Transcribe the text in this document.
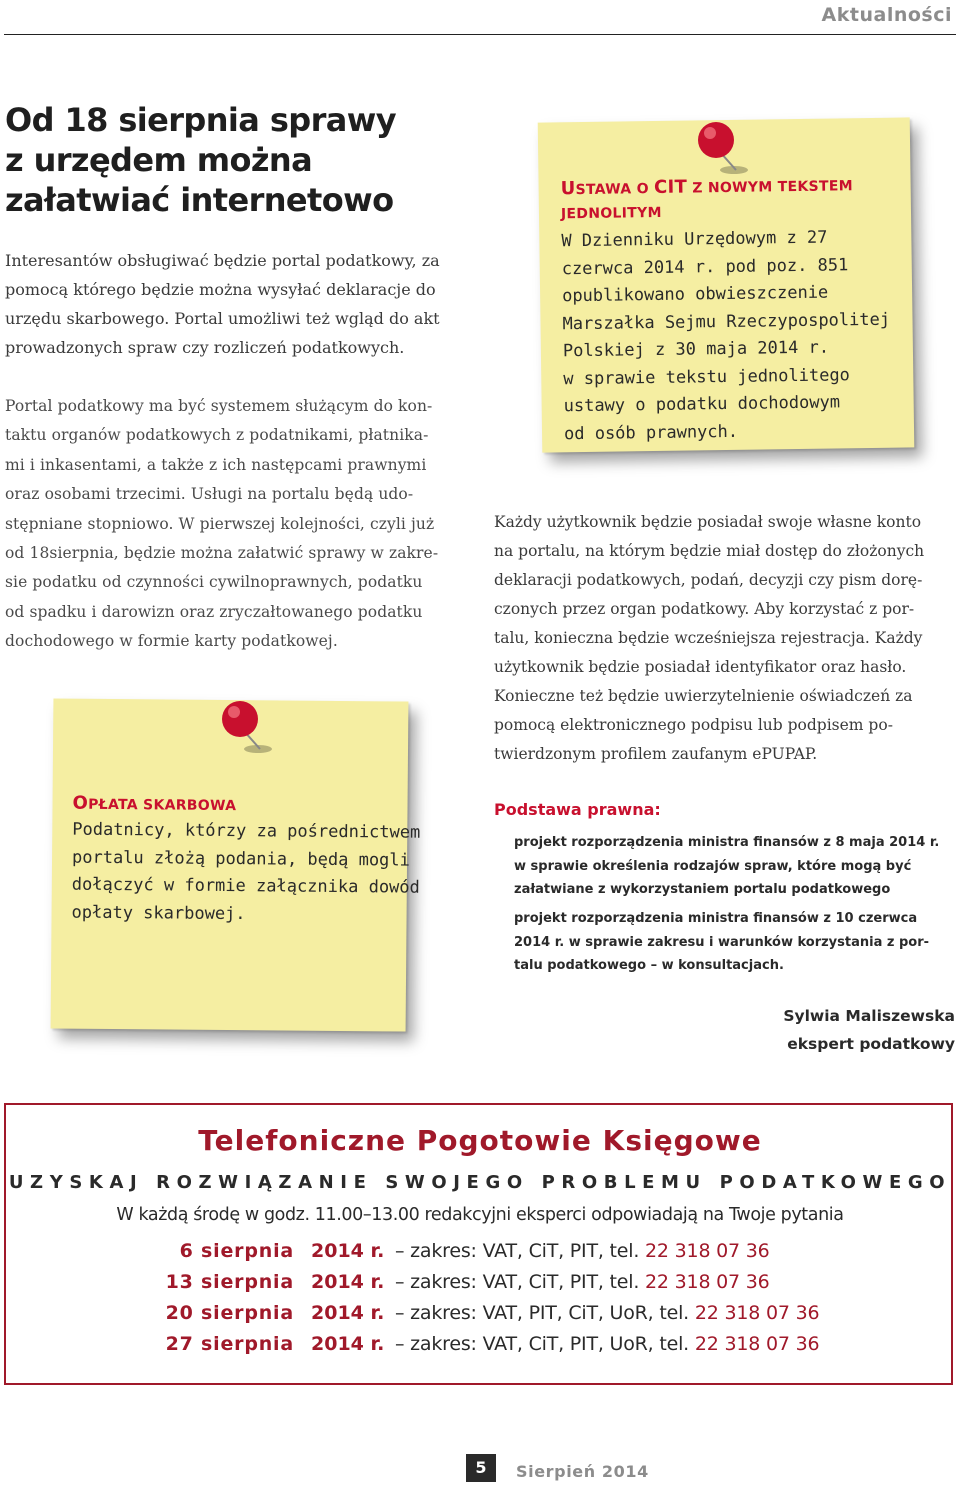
Aktualności
Od 18 sierpnia sprawy
z urzędem można
załatwiać internetowo

Interesantów obsługiwać będzie portal podatkowy, za
pomocą którego będzie można wysyłać deklaracje do
urzędu skarbowego. Portal umożliwi też wgląd do akt
prowadzonych spraw czy rozliczeń podatkowych.

Portal podatkowy ma być systemem służącym do kon-
taktu organów podatkowych z podatnikami, płatnika-
mi i inkasentami, a także z ich następcami prawnymi
oraz osobami trzecimi. Usługi na portalu będą udo-
stępniane stopniowo. W pierwszej kolejności, czyli już
od 18sierpnia, będzie można załatwić sprawy w zakre-
sie podatku od czynności cywilnoprawnych, podatku
od spadku i darowizn oraz zryczałtowanego podatku
dochodowego w formie karty podatkowej.

USTAWA O CIT Z NOWYM TEKSTEM
JEDNOLITYM
W Dzienniku Urzędowym z 27
czerwca 2014 r. pod poz. 851
opublikowano obwieszczenie
Marszałka Sejmu Rzeczypospolitej
Polskiej z 30 maja 2014 r.
w sprawie tekstu jednolitego
ustawy o podatku dochodowym
od osób prawnych.

Każdy użytkownik będzie posiadał swoje własne konto
na portalu, na którym będzie miał dostęp do złożonych
deklaracji podatkowych, podań, decyzji czy pism dorę-
czonych przez organ podatkowy. Aby korzystać z por-
talu, konieczna będzie wcześniejsza rejestracja. Każdy
użytkownik będzie posiadał identyfikator oraz hasło.
Konieczne też będzie uwierzytelnienie oświadczeń za
pomocą elektronicznego podpisu lub podpisem po-
twierdzonym profilem zaufanym ePUPAP.

OPŁATA SKARBOWA
Podatnicy, którzy za pośrednictwem
portalu złożą podania, będą mogli
dołączyć w formie załącznika dowód
opłaty skarbowej.
Podstawa prawna:
projekt rozporządzenia ministra finansów z 8 maja 2014 r.
w sprawie określenia rodzajów spraw, które mogą być
załatwiane z wykorzystaniem portalu podatkowego
projekt rozporządzenia ministra finansów z 10 czerwca
2014 r. w sprawie zakresu i warunków korzystania z por-
talu podatkowego – w konsultacjach.
Sylwia Maliszewska
ekspert podatkowy
Telefoniczne Pogotowie Księgowe
UZYSKAJ ROZWIĄZANIE SWOJEGO PROBLEMU PODATKOWEGO
W każdą środę w godz. 11.00–13.00 redakcyjni eksperci odpowiadają na Twoje pytania
6 sierpnia 2014 r. – zakres: VAT, CiT, PIT, tel. 22 318 07 36
13 sierpnia 2014 r. – zakres: VAT, CiT, PIT, tel. 22 318 07 36
20 sierpnia 2014 r. – zakres: VAT, PIT, CiT, UoR, tel. 22 318 07 36
27 sierpnia 2014 r. – zakres: VAT, CiT, PIT, UoR, tel. 22 318 07 36
5	Sierpień 2014
